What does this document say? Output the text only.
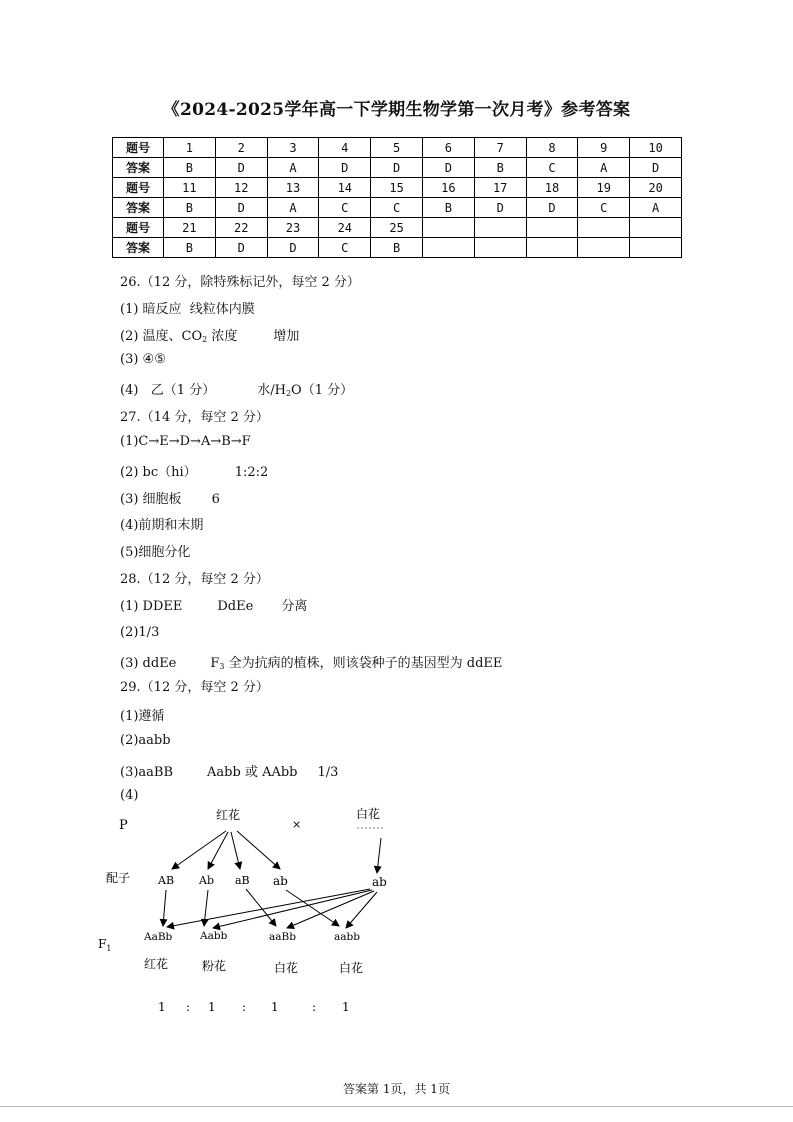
《2024-2025学年高一下学期生物学第一次月考》参考答案
题号	1	2	3	4	5	6	7	8	9	10
答案	B	D	A	D	D	D	B	C	A	D
题号	11	12	13	14	15	16	17	18	19	20
答案	B	D	A	C	C	B	D	D	C	A
题号	21	22	23	24	25					
答案	B	D	D	C	B					
26.（12 分，除特殊标记外，每空 2 分）
(1) 暗反应  线粒体内膜
(2) 温度、$CO_2$ 浓度	增加
(3) ④⑤
(4)   乙（1 分）	水$/H_2O(1$ 分）
27.（14 分，每空 2 分）
(1)C→E→D→A→B→F
(2) bc（hi）	1:2:2
(3) 细胞板 6
(4)前期和末期
(5)细胞分化
28.（12 分，每空 2 分）
(1) DDEE	DdEe 分离
(2)1/3
(3) ddEe	$F_3$ 全为抗病的植株，则该袋种子的基因型为 ddEE
29.（12 分，每空 2 分）
(1)遵循
(2)aabb
(3)aaBB	Aabb 或 AAbb 1/3
(4)
P
红花
×
白花
配子	AB Ab aB ab	ab
$F_1$
AaBb	Aabb	aaBb	aabb
红花	粉花	白花	白花
1 : 1 : 1	: 1
答案第 1页，共 1页
